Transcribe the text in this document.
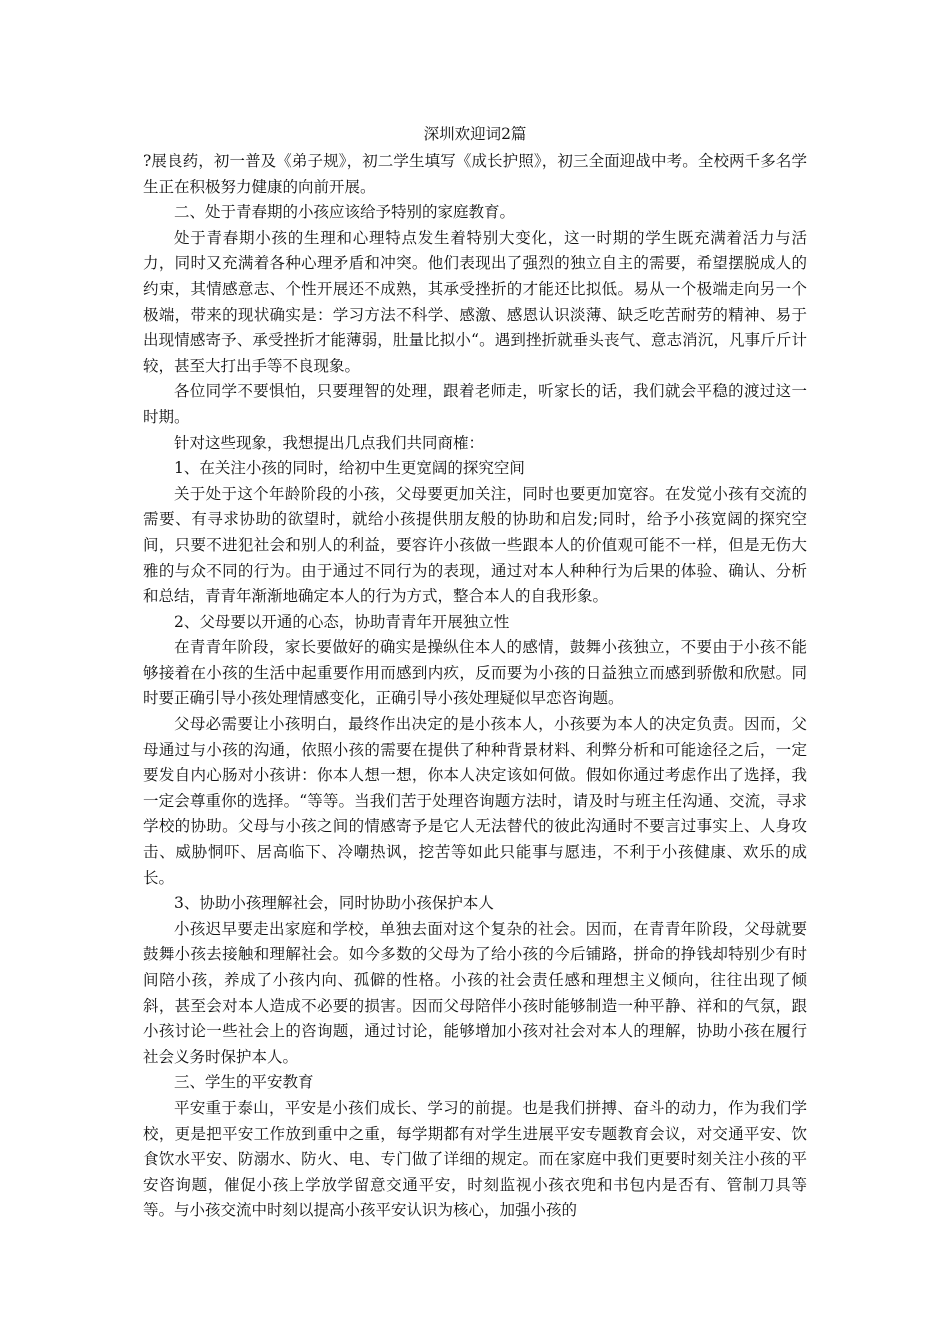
深圳欢迎词2篇

?展良药，初一普及《弟子规》，初二学生填写《成长护照》，初三全面迎战中考。全校两千多名学生正在积极努力健康的向前开展。

二、处于青春期的小孩应该给予特别的家庭教育。

处于青春期小孩的生理和心理特点发生着特别大变化，这一时期的学生既充满着活力与活力，同时又充满着各种心理矛盾和冲突。他们表现出了强烈的独立自主的需要，希望摆脱成人的约束，其情感意志、个性开展还不成熟，其承受挫折的才能还比拟低。易从一个极端走向另一个极端，带来的现状确实是：学习方法不科学、感激、感恩认识淡薄、缺乏吃苦耐劳的精神、易于出现情感寄予、承受挫折才能薄弱，肚量比拟小“。遇到挫折就垂头丧气、意志消沉，凡事斤斤计较，甚至大打出手等不良现象。

各位同学不要惧怕，只要理智的处理，跟着老师走，听家长的话，我们就会平稳的渡过这一时期。

针对这些现象，我想提出几点我们共同商榷：

1、在关注小孩的同时，给初中生更宽阔的探究空间

关于处于这个年龄阶段的小孩，父母要更加关注，同时也要更加宽容。在发觉小孩有交流的需要、有寻求协助的欲望时，就给小孩提供朋友般的协助和启发;同时，给予小孩宽阔的探究空间，只要不进犯社会和别人的利益，要容许小孩做一些跟本人的价值观可能不一样，但是无伤大雅的与众不同的行为。由于通过不同行为的表现，通过对本人种种行为后果的体验、确认、分析和总结，青青年渐渐地确定本人的行为方式，整合本人的自我形象。

2、父母要以开通的心态，协助青青年开展独立性

在青青年阶段，家长要做好的确实是操纵住本人的感情，鼓舞小孩独立，不要由于小孩不能够接着在小孩的生活中起重要作用而感到内疚，反而要为小孩的日益独立而感到骄傲和欣慰。同时要正确引导小孩处理情感变化，正确引导小孩处理疑似早恋咨询题。

父母必需要让小孩明白，最终作出决定的是小孩本人，小孩要为本人的决定负责。因而，父母通过与小孩的沟通，依照小孩的需要在提供了种种背景材料、利弊分析和可能途径之后，一定要发自内心肠对小孩讲：你本人想一想，你本人决定该如何做。假如你通过考虑作出了选择，我一定会尊重你的选择。“等等。当我们苦于处理咨询题方法时，请及时与班主任沟通、交流，寻求学校的协助。父母与小孩之间的情感寄予是它人无法替代的彼此沟通时不要言过事实上、人身攻击、威胁恫吓、居高临下、冷嘲热讽，挖苦等如此只能事与愿违，不利于小孩健康、欢乐的成长。

3、协助小孩理解社会，同时协助小孩保护本人

小孩迟早要走出家庭和学校，单独去面对这个复杂的社会。因而，在青青年阶段，父母就要鼓舞小孩去接触和理解社会。如今多数的父母为了给小孩的今后铺路，拼命的挣钱却特别少有时间陪小孩，养成了小孩内向、孤僻的性格。小孩的社会责任感和理想主义倾向，往往出现了倾斜，甚至会对本人造成不必要的损害。因而父母陪伴小孩时能够制造一种平静、祥和的气氛，跟小孩讨论一些社会上的咨询题，通过讨论，能够增加小孩对社会对本人的理解，协助小孩在履行社会义务时保护本人。

三、学生的平安教育

平安重于泰山，平安是小孩们成长、学习的前提。也是我们拼搏、奋斗的动力，作为我们学校，更是把平安工作放到重中之重，每学期都有对学生进展平安专题教育会议，对交通平安、饮食饮水平安、防溺水、防火、电、专门做了详细的规定。而在家庭中我们更要时刻关注小孩的平安咨询题，催促小孩上学放学留意交通平安，时刻监视小孩衣兜和书包内是否有、管制刀具等等。与小孩交流中时刻以提高小孩平安认识为核心，加强小孩的
